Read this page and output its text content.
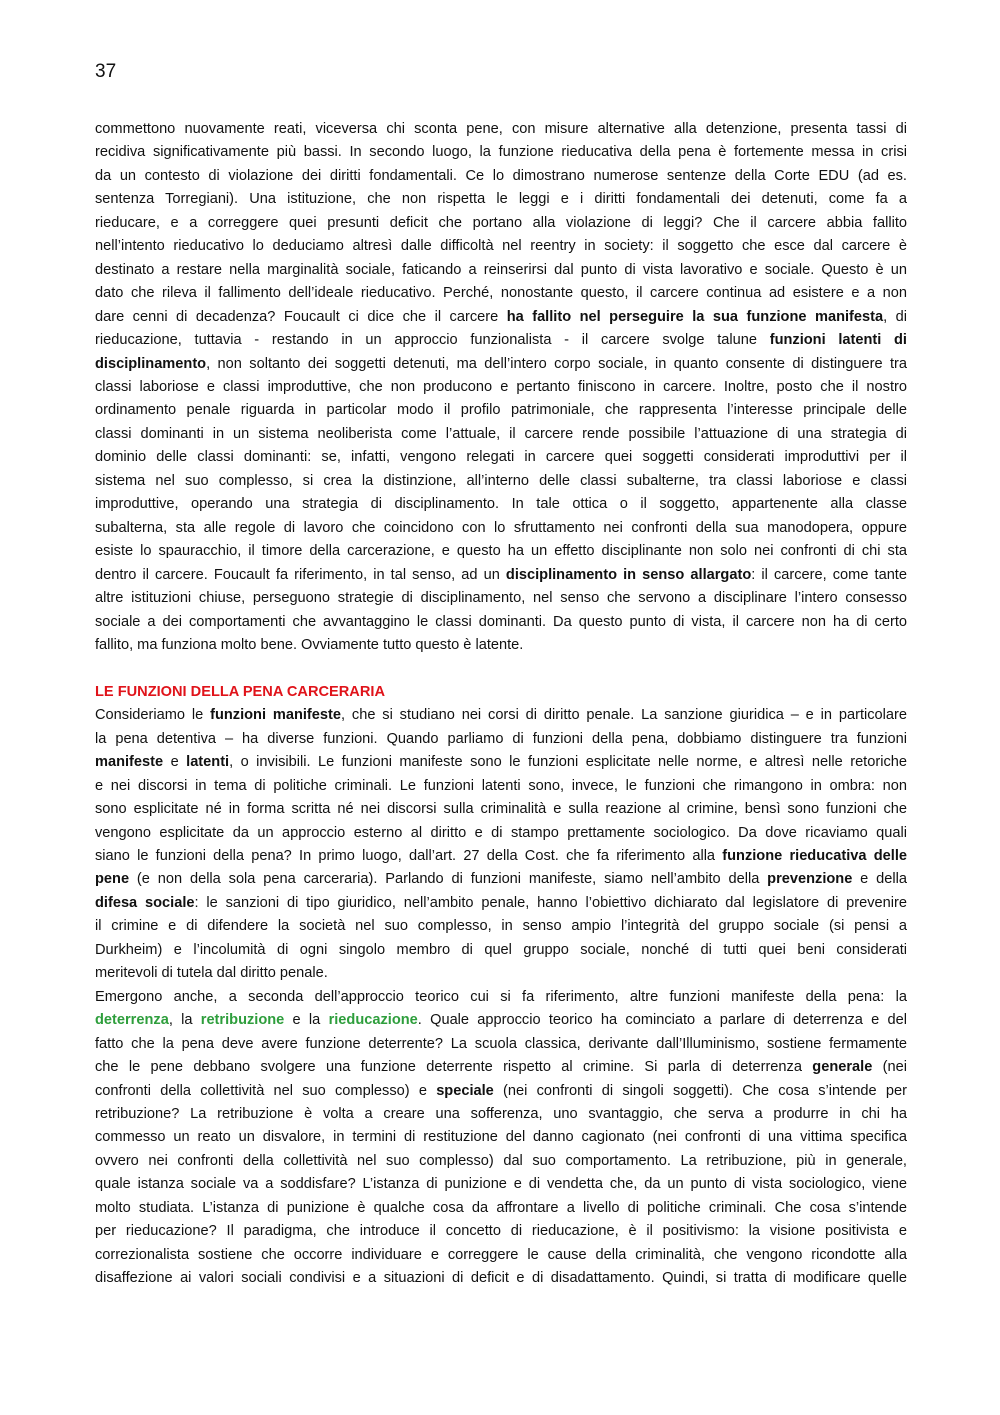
37
commettono nuovamente reati, viceversa chi sconta pene, con misure alternative alla detenzione, presenta tassi di
recidiva significativamente più bassi. In secondo luogo, la funzione rieducativa della pena è fortemente messa in crisi
da un contesto di violazione dei diritti fondamentali. Ce lo dimostrano numerose sentenze della Corte EDU (ad es.
sentenza Torregiani). Una istituzione, che non rispetta le leggi e i diritti fondamentali dei detenuti, come fa a
rieducare, e a correggere quei presunti deficit che portano alla violazione di leggi? Che il carcere abbia fallito
nell’intento rieducativo lo deduciamo altresì dalle difficoltà nel reentry in society: il soggetto che esce dal carcere è
destinato a restare nella marginalità sociale, faticando a reinserirsi dal punto di vista lavorativo e sociale. Questo è un
dato che rileva il fallimento dell’ideale rieducativo. Perché, nonostante questo, il carcere continua ad esistere e a non
dare cenni di decadenza? Foucault ci dice che il carcere ha fallito nel perseguire la sua funzione manifesta, di
rieducazione, tuttavia - restando in un approccio funzionalista - il carcere svolge talune funzioni latenti di
disciplinamento, non soltanto dei soggetti detenuti, ma dell’intero corpo sociale, in quanto consente di distinguere tra
classi laboriose e classi improduttive, che non producono e pertanto finiscono in carcere. Inoltre, posto che il nostro
ordinamento penale riguarda in particolar modo il profilo patrimoniale, che rappresenta l’interesse principale delle
classi dominanti in un sistema neoliberista come l’attuale, il carcere rende possibile l’attuazione di una strategia di
dominio delle classi dominanti: se, infatti, vengono relegati in carcere quei soggetti considerati improduttivi per il
sistema nel suo complesso, si crea la distinzione, all’interno delle classi subalterne, tra classi laboriose e classi
improduttive, operando una strategia di disciplinamento. In tale ottica o il soggetto, appartenente alla classe
subalterna, sta alle regole di lavoro che coincidono con lo sfruttamento nei confronti della sua manodopera, oppure
esiste lo spauracchio, il timore della carcerazione, e questo ha un effetto disciplinante non solo nei confronti di chi sta
dentro il carcere. Foucault fa riferimento, in tal senso, ad un disciplinamento in senso allargato: il carcere, come tante
altre istituzioni chiuse, perseguono strategie di disciplinamento, nel senso che servono a disciplinare l’intero consesso
sociale a dei comportamenti che avvantaggino le classi dominanti. Da questo punto di vista, il carcere non ha di certo
fallito, ma funziona molto bene. Ovviamente tutto questo è latente.
LE FUNZIONI DELLA PENA CARCERARIA
Consideriamo le funzioni manifeste, che si studiano nei corsi di diritto penale. La sanzione giuridica – e in particolare
la pena detentiva – ha diverse funzioni. Quando parliamo di funzioni della pena, dobbiamo distinguere tra funzioni
manifeste e latenti, o invisibili. Le funzioni manifeste sono le funzioni esplicitate nelle norme, e altresì nelle retoriche
e nei discorsi in tema di politiche criminali. Le funzioni latenti sono, invece, le funzioni che rimangono in ombra: non
sono esplicitate né in forma scritta né nei discorsi sulla criminalità e sulla reazione al crimine, bensì sono funzioni che
vengono esplicitate da un approccio esterno al diritto e di stampo prettamente sociologico. Da dove ricaviamo quali
siano le funzioni della pena? In primo luogo, dall’art. 27 della Cost. che fa riferimento alla funzione rieducativa delle
pene (e non della sola pena carceraria). Parlando di funzioni manifeste, siamo nell’ambito della prevenzione e della
difesa sociale: le sanzioni di tipo giuridico, nell’ambito penale, hanno l’obiettivo dichiarato dal legislatore di prevenire
il crimine e di difendere la società nel suo complesso, in senso ampio l’integrità del gruppo sociale (si pensi a
Durkheim) e l’incolumità di ogni singolo membro di quel gruppo sociale, nonché di tutti quei beni considerati
meritevoli di tutela dal diritto penale.
Emergono anche, a seconda dell’approccio teorico cui si fa riferimento, altre funzioni manifeste della pena: la
deterrenza, la retribuzione e la rieducazione. Quale approccio teorico ha cominciato a parlare di deterrenza e del
fatto che la pena deve avere funzione deterrente? La scuola classica, derivante dall’Illuminismo, sostiene fermamente
che le pene debbano svolgere una funzione deterrente rispetto al crimine. Si parla di deterrenza generale (nei
confronti della collettività nel suo complesso) e speciale (nei confronti di singoli soggetti). Che cosa s’intende per
retribuzione? La retribuzione è volta a creare una sofferenza, uno svantaggio, che serva a produrre in chi ha
commesso un reato un disvalore, in termini di restituzione del danno cagionato (nei confronti di una vittima specifica
ovvero nei confronti della collettività nel suo complesso) dal suo comportamento. La retribuzione, più in generale,
quale istanza sociale va a soddisfare? L’istanza di punizione e di vendetta che, da un punto di vista sociologico, viene
molto studiata. L’istanza di punizione è qualche cosa da affrontare a livello di politiche criminali. Che cosa s’intende
per rieducazione? Il paradigma, che introduce il concetto di rieducazione, è il positivismo: la visione positivista e
correzionalista sostiene che occorre individuare e correggere le cause della criminalità, che vengono ricondotte alla
disaffezione ai valori sociali condivisi e a situazioni di deficit e di disadattamento. Quindi, si tratta di modificare quelle
